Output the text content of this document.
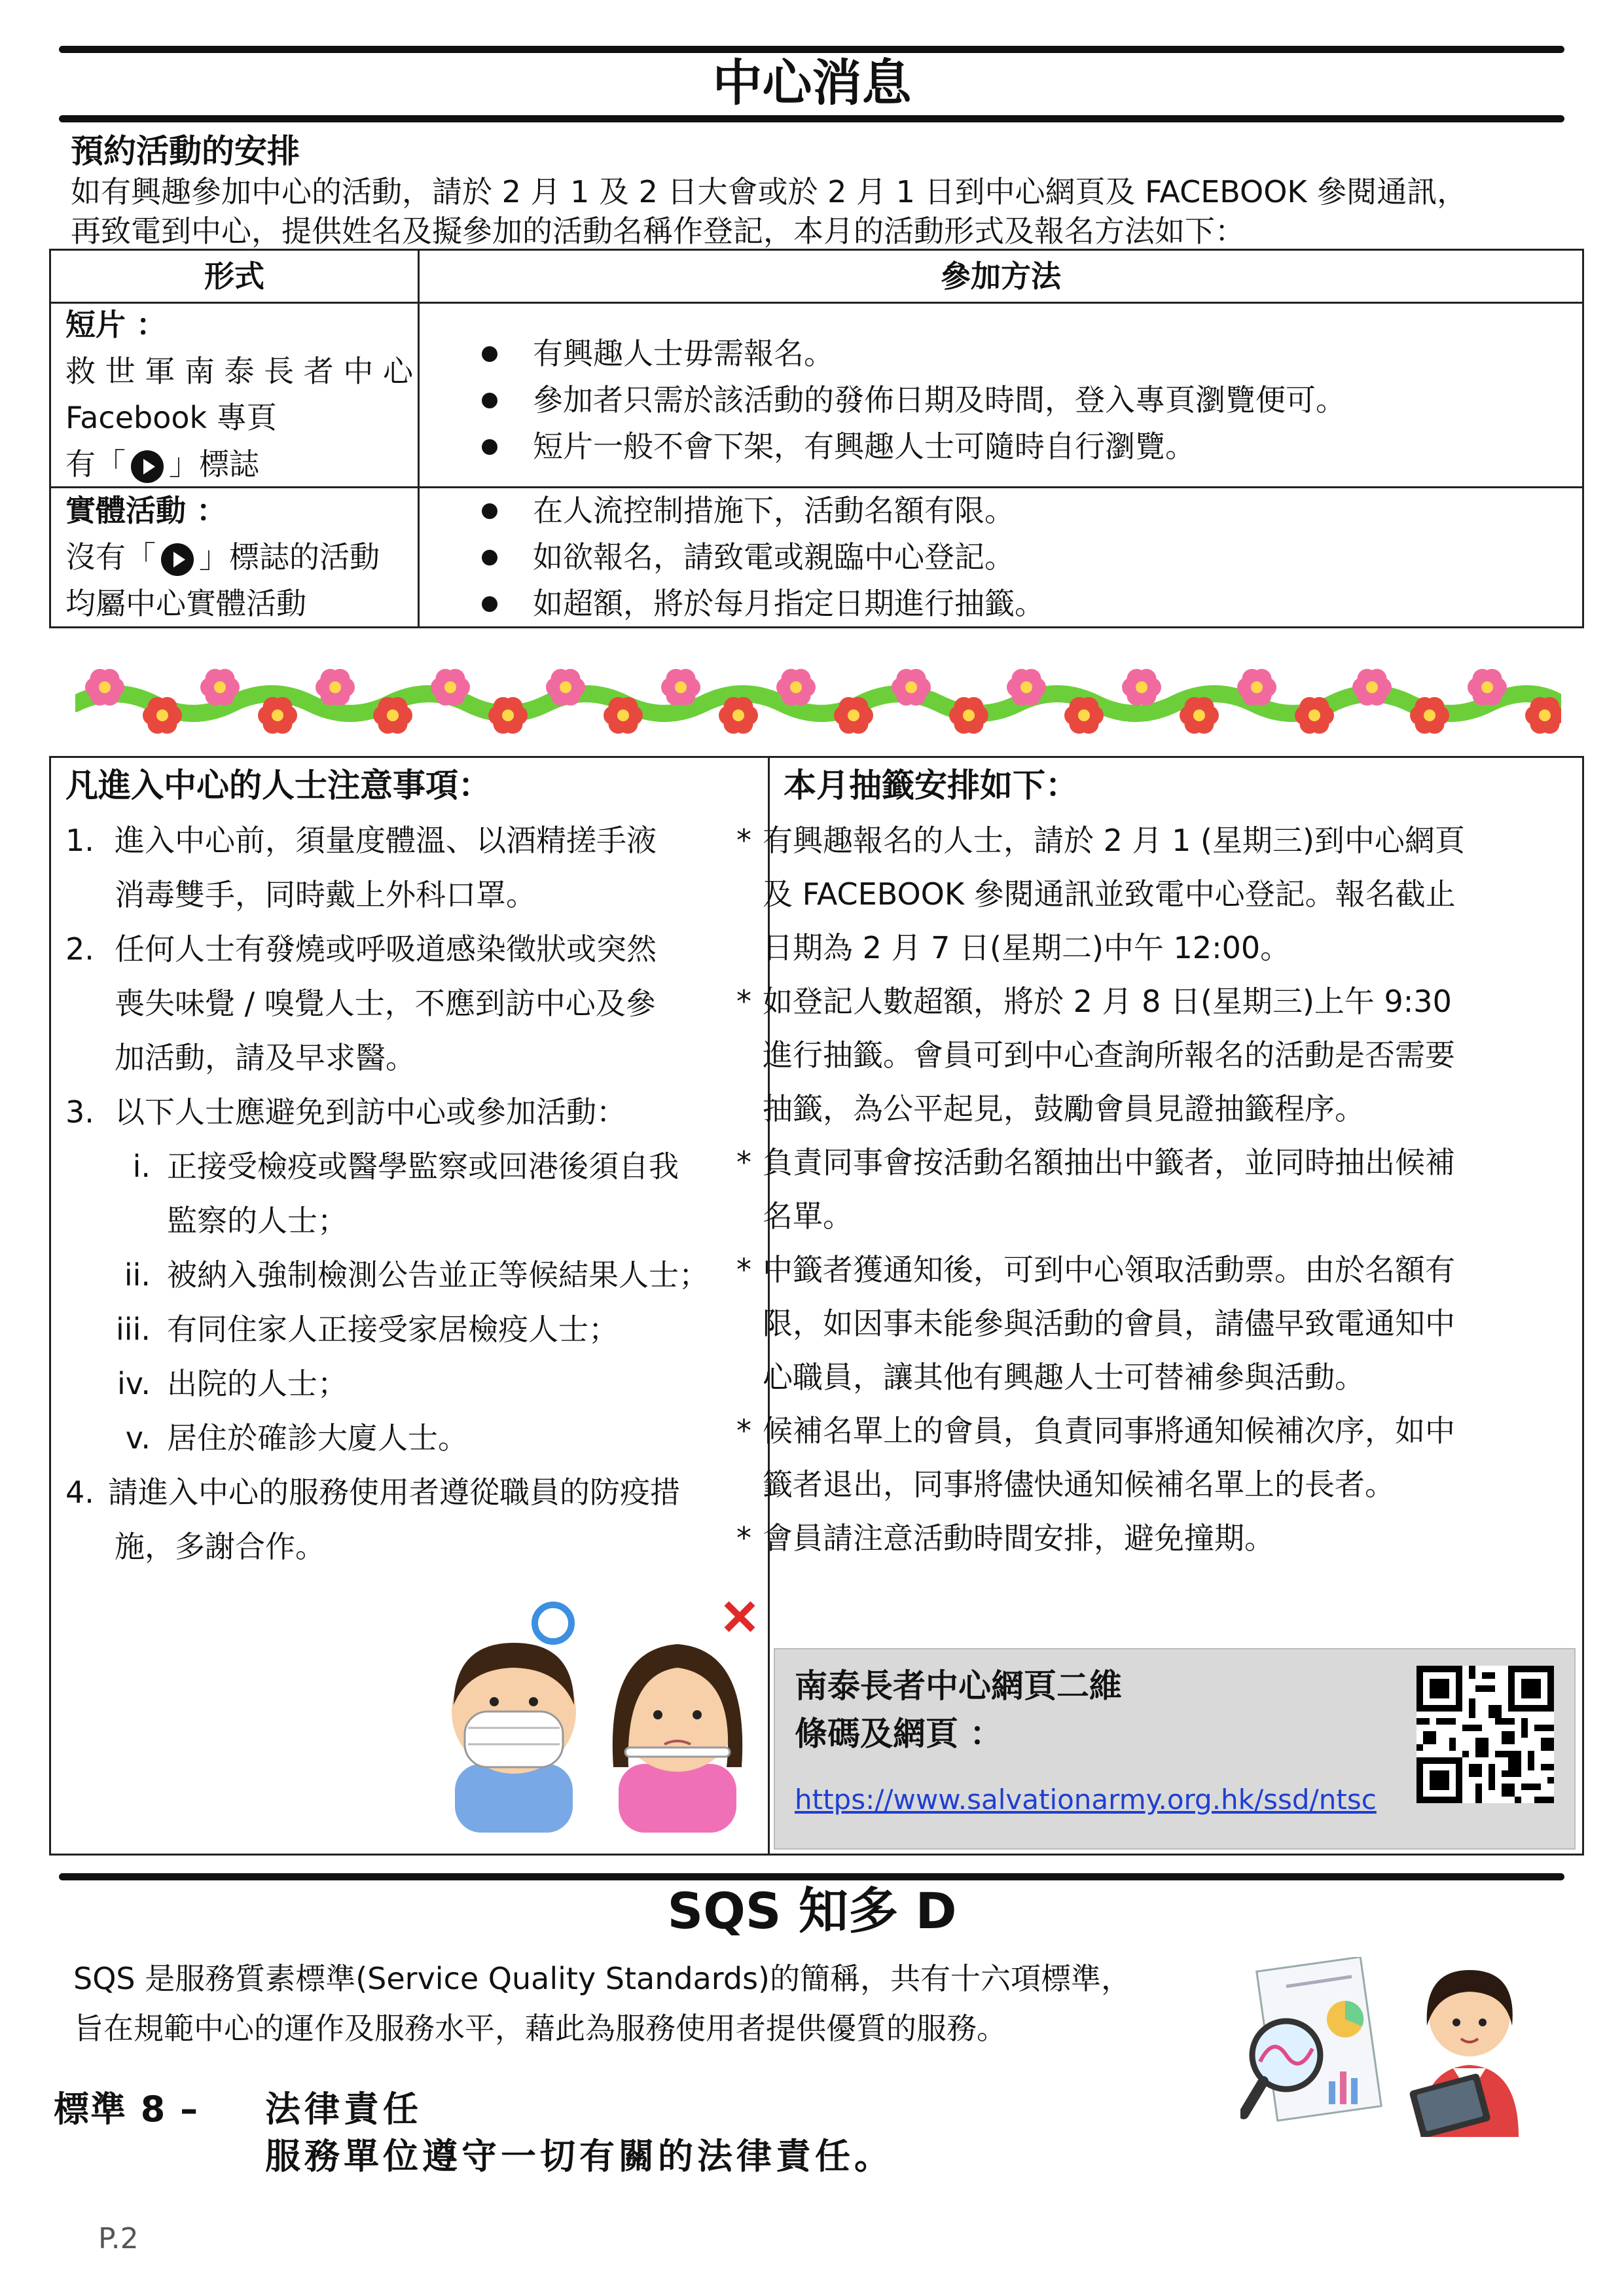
中心消息
預約活動的安排
如有興趣參加中心的活動，請於 2 月 1 及 2 日大會或於 2 月 1 日到中心網頁及 FACEBOOK 參閱通訊，
再致電到中心，提供姓名及擬參加的活動名稱作登記，本月的活動形式及報名方法如下：
形式	參加方法
短片 ：
救 世 軍 南 泰 長 者 中 心
Facebook 專頁
有「 」標誌
有興趣人士毋需報名。
參加者只需於該活動的發佈日期及時間，登入專頁瀏覽便可。
短片一般不會下架，有興趣人士可隨時自行瀏覽。
實體活動 ：
沒有「 」標誌的活動
均屬中心實體活動
在人流控制措施下，活動名額有限。
如欲報名，請致電或親臨中心登記。
如超額，將於每月指定日期進行抽籤。
凡進入中心的人士注意事項：	本月抽籤安排如下：
1. 進入中心前，須量度體溫、以酒精搓手液
消毒雙手，同時戴上外科口罩。
2. 任何人士有發燒或呼吸道感染徵狀或突然
喪失味覺 / 嗅覺人士，不應到訪中心及參
加活動，請及早求醫。
3. 以下人士應避免到訪中心或參加活動：
i. 正接受檢疫或醫學監察或回港後須自我
監察的人士；
ii. 被納入強制檢測公告並正等候結果人士；
iii. 有同住家人正接受家居檢疫人士；
iv. 出院的人士；
v. 居住於確診大廈人士。
4. 請進入中心的服務使用者遵從職員的防疫措
施，多謝合作。
* 有興趣報名的人士，請於 2 月 1 (星期三)到中心網頁
及 FACEBOOK 參閱通訊並致電中心登記。報名截止
日期為 2 月 7 日(星期二)中午 12:00。
* 如登記人數超額，將於 2 月 8 日(星期三)上午 9:30
進行抽籤。會員可到中心查詢所報名的活動是否需要
抽籤，為公平起見，鼓勵會員見證抽籤程序。
* 負責同事會按活動名額抽出中籤者，並同時抽出候補
名單。
* 中籤者獲通知後，可到中心領取活動票。由於名額有
限，如因事未能參與活動的會員，請儘早致電通知中
心職員，讓其他有興趣人士可替補參與活動。
* 候補名單上的會員，負責同事將通知候補次序，如中
籤者退出，同事將儘快通知候補名單上的長者。
* 會員請注意活動時間安排，避免撞期。
南泰長者中心網頁二維
條碼及網頁 ：
https://www.salvationarmy.org.hk/ssd/ntsc
SQS 知多 D
SQS 是服務質素標準(Service Quality Standards)的簡稱，共有十六項標準，
旨在規範中心的運作及服務水平，藉此為服務使用者提供優質的服務。
標準 8 – 法律責任
服務單位遵守一切有關的法律責任。
P.2
